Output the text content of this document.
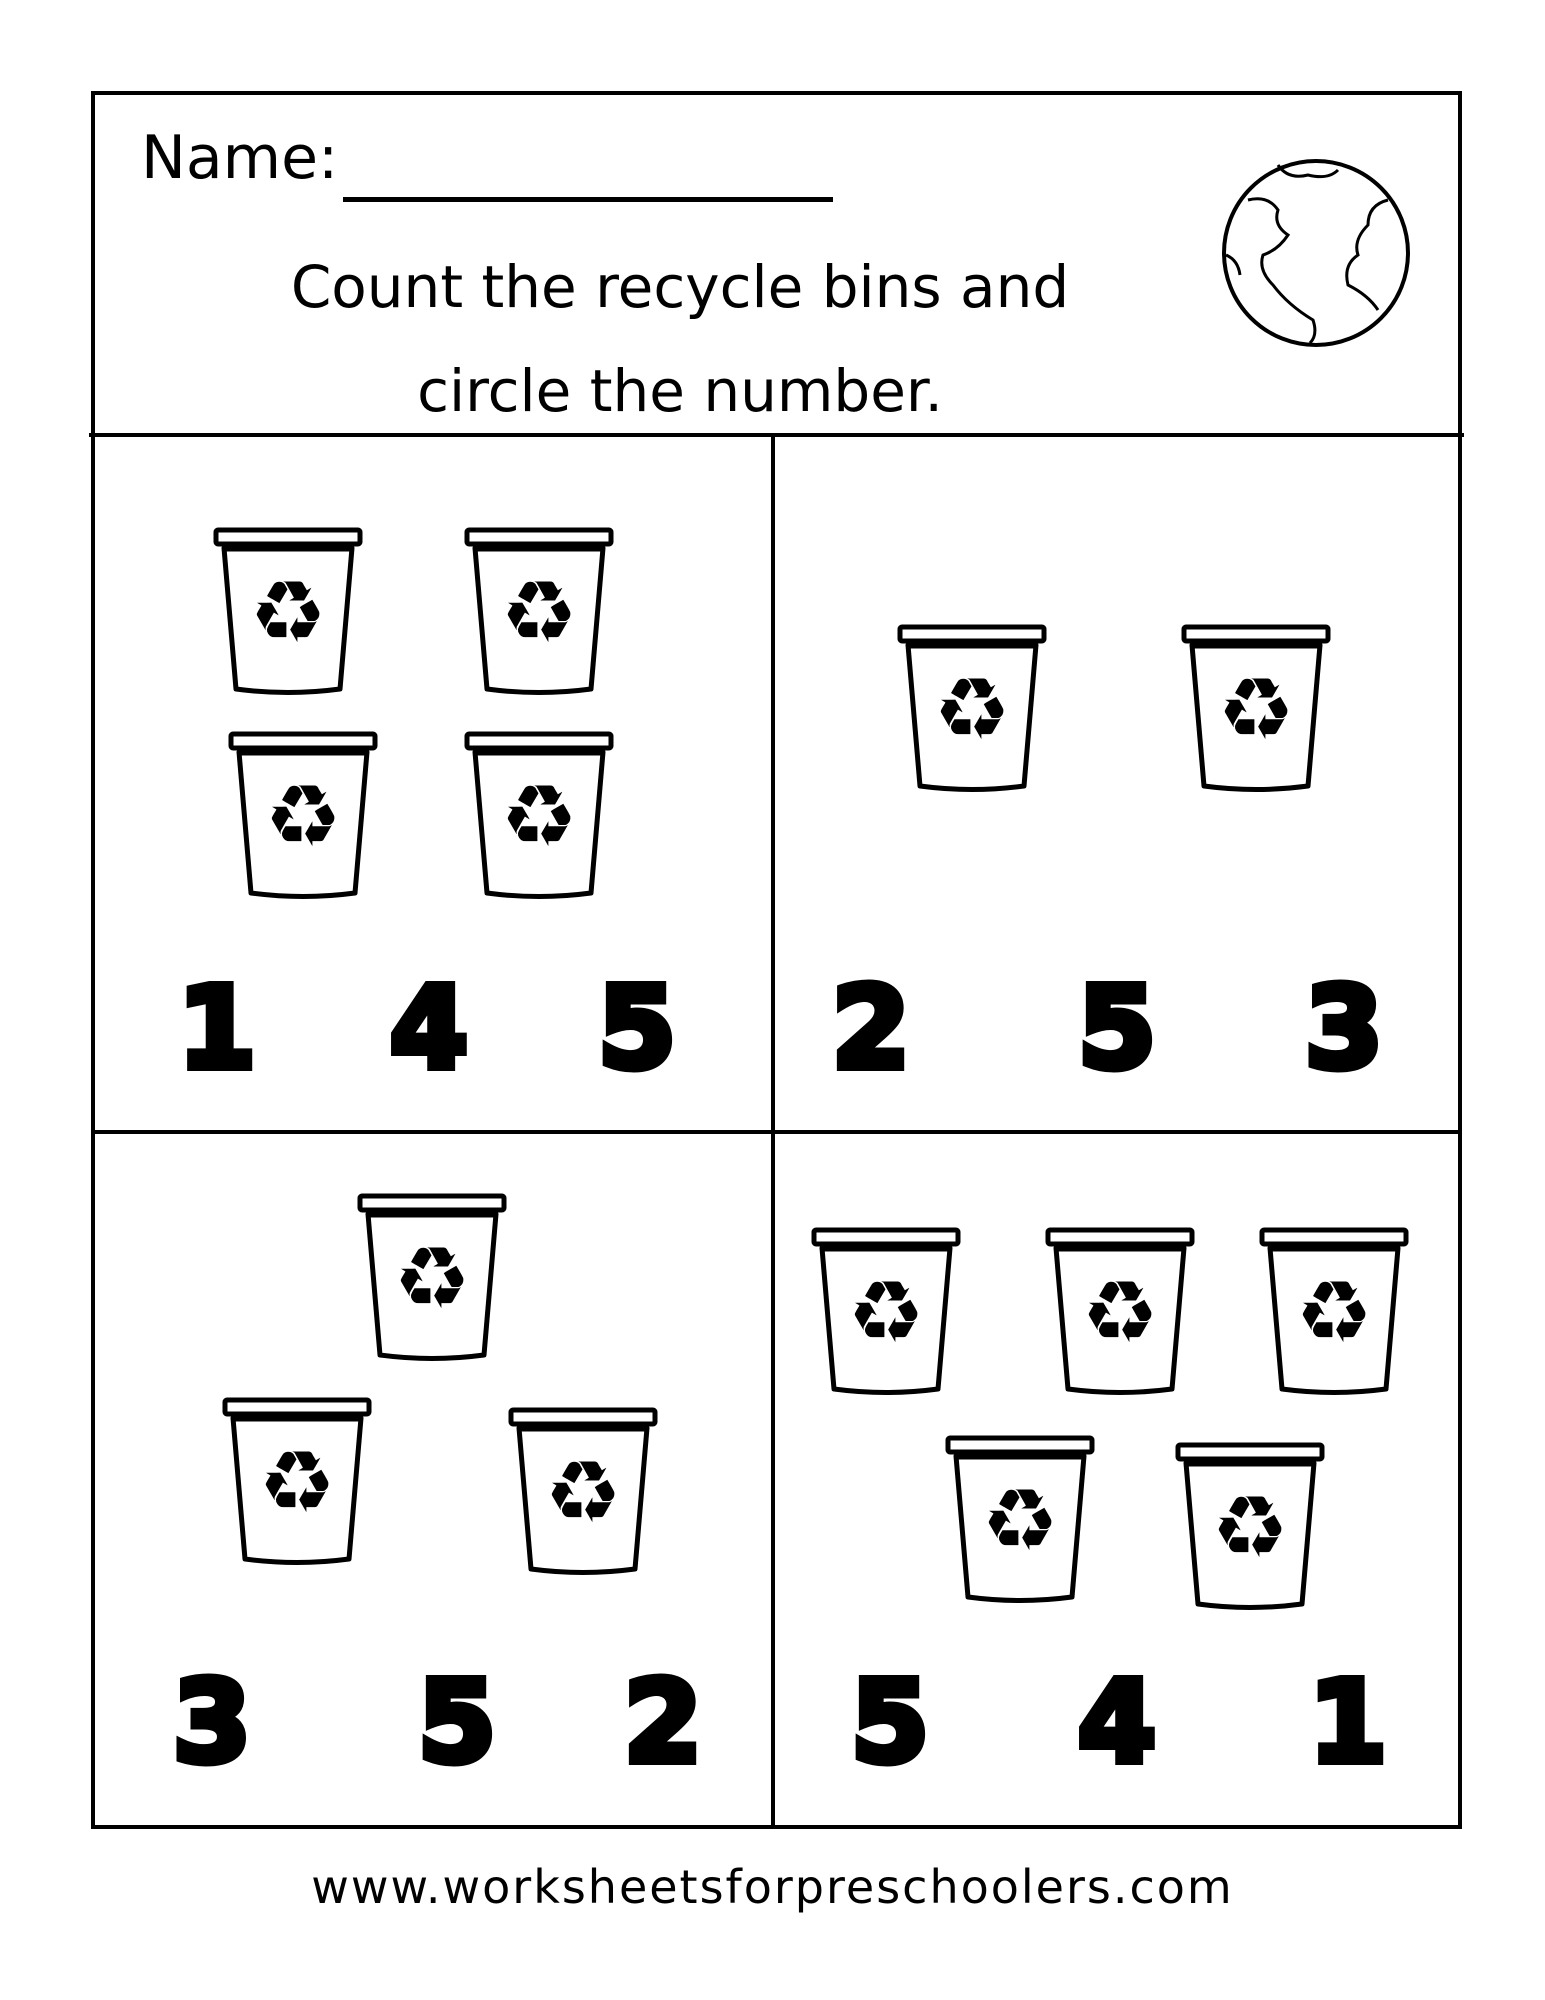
Name:
Count the recycle bins and
circle the number.
♻ ♻
♻ ♻
1	4	5
♻ ♻
2	5	3
♻
♻ ♻
3	5	2
♻ ♻ ♻
♻ ♻
5	4	1
www.worksheetsforpreschoolers.com
